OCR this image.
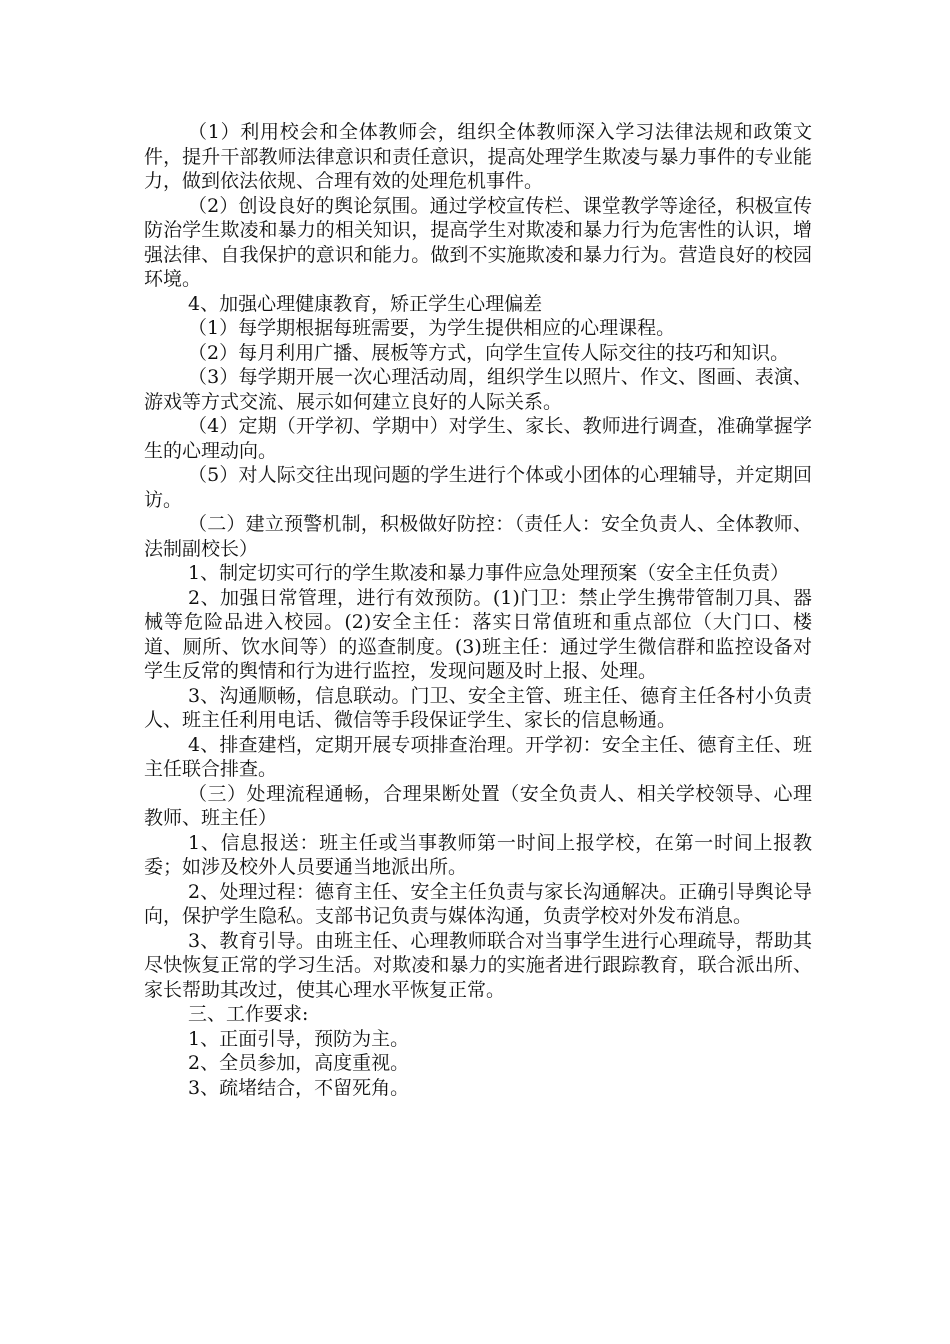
（1）利用校会和全体教师会，组织全体教师深入学习法律法规和政策文件，提升干部教师法律意识和责任意识，提高处理学生欺凌与暴力事件的专业能力，做到依法依规、合理有效的处理危机事件。

（2）创设良好的舆论氛围。通过学校宣传栏、课堂教学等途径，积极宣传防治学生欺凌和暴力的相关知识，提高学生对欺凌和暴力行为危害性的认识，增强法律、自我保护的意识和能力。做到不实施欺凌和暴力行为。营造良好的校园环境。

4、加强心理健康教育，矫正学生心理偏差

（1）每学期根据每班需要，为学生提供相应的心理课程。

（2）每月利用广播、展板等方式，向学生宣传人际交往的技巧和知识。

（3）每学期开展一次心理活动周，组织学生以照片、作文、图画、表演、游戏等方式交流、展示如何建立良好的人际关系。

（4）定期（开学初、学期中）对学生、家长、教师进行调查，准确掌握学生的心理动向。

（5）对人际交往出现问题的学生进行个体或小团体的心理辅导，并定期回访。

（二）建立预警机制，积极做好防控：（责任人：安全负责人、全体教师、法制副校长）

1、制定切实可行的学生欺凌和暴力事件应急处理预案（安全主任负责）

2、加强日常管理，进行有效预防。(1)门卫：禁止学生携带管制刀具、器械等危险品进入校园。(2)安全主任：落实日常值班和重点部位（大门口、楼道、厕所、饮水间等）的巡查制度。(3)班主任：通过学生微信群和监控设备对学生反常的舆情和行为进行监控，发现问题及时上报、处理。

3、沟通顺畅，信息联动。门卫、安全主管、班主任、德育主任各村小负责人、班主任利用电话、微信等手段保证学生、家长的信息畅通。

4、排查建档，定期开展专项排查治理。开学初：安全主任、德育主任、班主任联合排查。

（三）处理流程通畅，合理果断处置（安全负责人、相关学校领导、心理教师、班主任）

1、信息报送：班主任或当事教师第一时间上报学校，在第一时间上报教委；如涉及校外人员要通当地派出所。

2、处理过程：德育主任、安全主任负责与家长沟通解决。正确引导舆论导向，保护学生隐私。支部书记负责与媒体沟通，负责学校对外发布消息。

3、教育引导。由班主任、心理教师联合对当事学生进行心理疏导，帮助其尽快恢复正常的学习生活。对欺凌和暴力的实施者进行跟踪教育，联合派出所、家长帮助其改过，使其心理水平恢复正常。

三、工作要求:

1、正面引导，预防为主。

2、全员参加，高度重视。

3、疏堵结合，不留死角。
